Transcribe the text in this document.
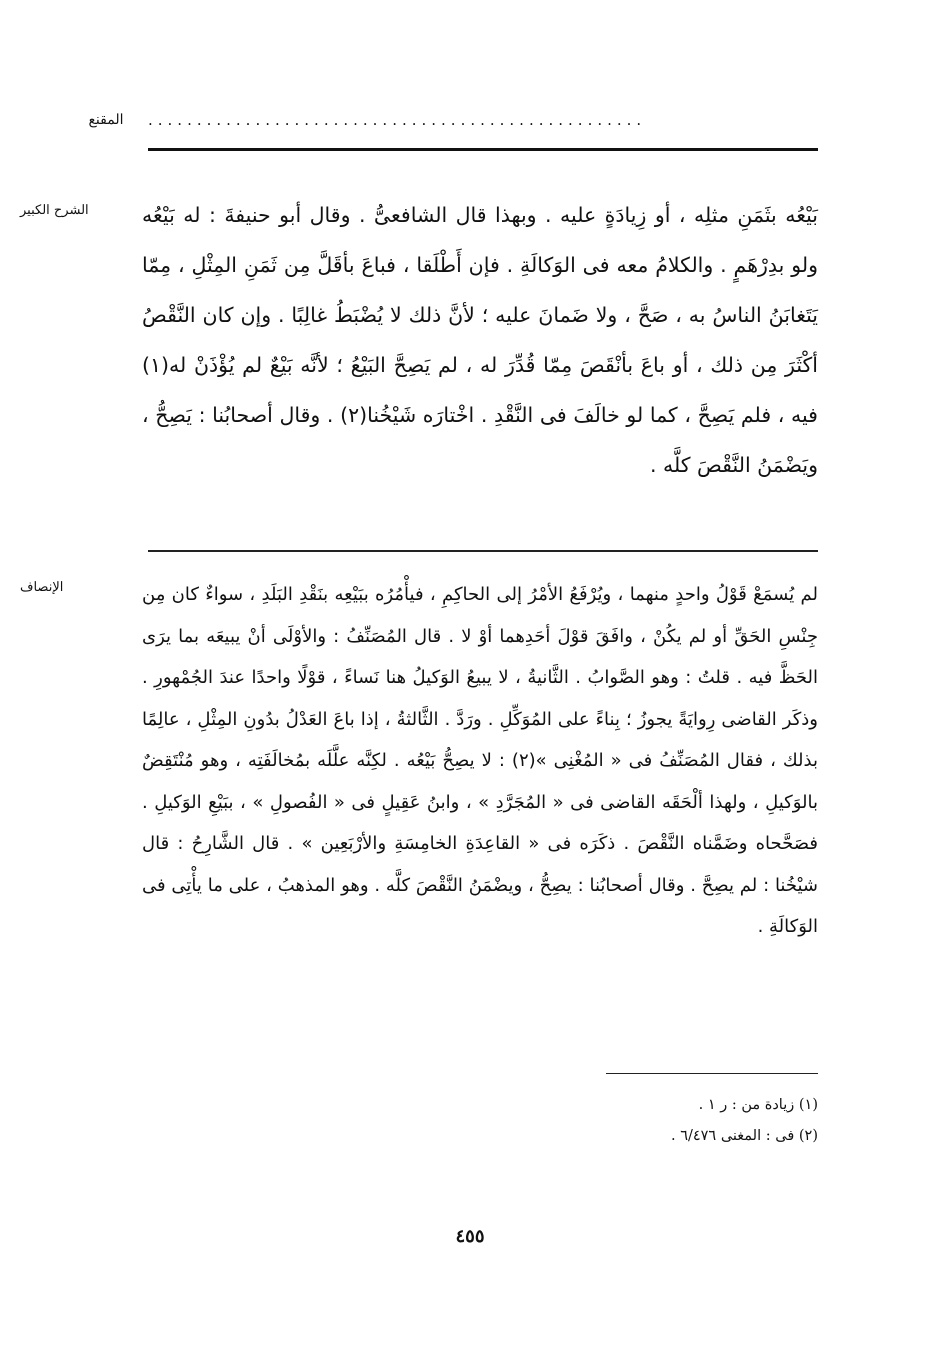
المقنع ...................................................
الشرح الكبير	بَيْعُه بثَمَنِ مثلِه ، أو زِيادَةٍ عليه . وبهذا قال الشافعىُّ . وقال أبو حنيفةَ : له بَيْعُه ولو بدِرْهَمٍ . والكلامُ معه فى الوَكالَةِ . فإن أَطْلَقا ، فباعَ بأقَلَّ مِن ثَمَنِ المِثْلِ ، مِمّا يَتَغابَنُ الناسُ به ، صَحَّ ، ولا ضَمانَ عليه ؛ لأنَّ ذلك لا يُضْبَطُ غالِبًا . وإن كان النَّقْصُ أكْثَرَ مِن ذلك ، أو باعَ بأنْقَصَ مِمّا قُدِّرَ له ، لم يَصِحَّ البَيْعُ ؛ لأنَّه بَيْعٌ لم يُؤْذَنْ له(١) فيه ، فلم يَصِحَّ ، كما لو خالَفَ فى النَّقْدِ . اخْتارَه شَيْخُنا(٢) . وقال أصحابُنا : يَصِحُّ ، ويَضْمَنُ النَّقْصَ كلَّه .
الإنصاف	لم يُسمَعْ قَوْلُ واحدٍ منهما ، ويُرْفَعُ الأمْرُ إلى الحاكِمِ ، فيأْمُرُه ببَيْعِه بنَقْدِ البَلَدِ ، سواءٌ كان مِن جِنْسِ الحَقِّ أو لم يكُنْ ، وافَقَ قوْلَ أحَدِهما أوْ لا . قال المُصَنِّفُ : والأوْلَى أنْ يبيعَه بما يرَى الحَظَّ فيه . قلتُ : وهو الصَّوابُ . الثَّانيةُ ، لا يبيعُ الوَكيلُ هنا نَساءً ، قوْلًا واحدًا عندَ الجُمْهورِ . وذكَر القاضى رِوايَةً يجوزُ ؛ بِناءً على المُوَكِّلِ . ورَدَّ . الثَّالثةُ ، إذا باعَ العَدْلُ بدُونِ المِثْلِ ، عالِمًا بذلك ، فقال المُصَنِّفُ فى « المُغْنِى »(٢) : لا يصِحُّ بَيْعُه . لكِنَّه علَّلَه بمُخالَفَتِه ، وهو مُنْتَقِضٌ بالوَكيلِ ، ولهذا ألْحَقَه القاضى فى « المُجَرَّدِ » ، وابنُ عَقِيلٍ فى « الفُصولِ » ، ببَيْعِ الوَكيلِ . فصَحَّحاه وضَمَّناه النَّقْصَ . ذكَرَه فى « القاعِدَةِ الخامِسَةِ والأرْبَعِين » . قال الشَّارِحُ : قال شيْخُنا : لم يصِحَّ . وقال أصحابُنا : يصِحُّ ، ويضْمَنُ النَّقْصَ كلَّه . وهو المذهبُ ، على ما يأْتِى فى الوَكالَةِ .
(١) زيادة من : ر ١ .
(٢) فى : المغنى ٦/٤٧٦ .
٤٥٥
